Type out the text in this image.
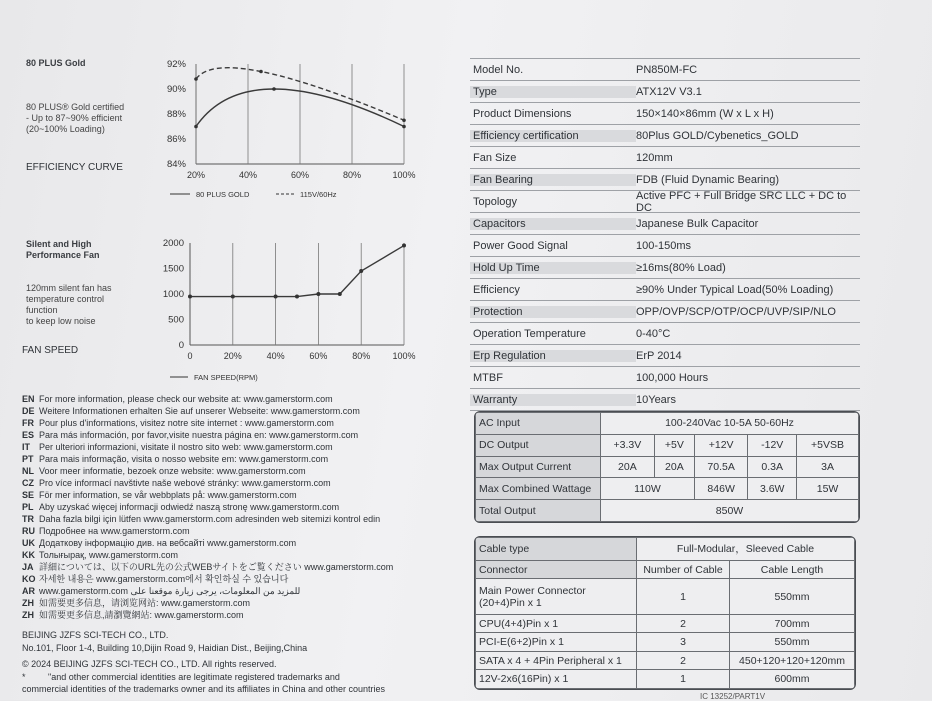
80 PLUS Gold
80 PLUS® Gold certified
- Up to 87~90% efficient
(20~100% Loading)
EFFICIENCY CURVE	84%
86%
88%
90%
92%
20%	40%	60%	80%	100%
80 PLUS GOLD	115V/60Hz
Silent and High
Performance Fan
120mm silent fan has
temperature control
function
to keep low noise
FAN SPEED	0
500
1000
1500
2000
0	20%	40%	60%	80% 100%
FAN SPEED(RPM)
EN For more information, please check our website at: www.gamerstorm.com
DE Weitere Informationen erhalten Sie auf unserer Webseite: www.gamerstorm.com
FR Pour plus d'informations, visitez notre site internet : www.gamerstorm.com
ES Para más información, por favor,visite nuestra página en: www.gamerstorm.com
IT Per ulteriori informazioni, visitate il nostro sito web: www.gamerstorm.com
PT Para mais informação, visita o nosso website em: www.gamerstorm.com
NL Voor meer informatie, bezoek onze website: www.gamerstorm.com
CZ Pro více informací navštivte naše webové stránky: www.gamerstorm.com
SE För mer information, se vår webbplats på: www.gamerstorm.com
PL Aby uzyskać więcej informacji odwiedź naszą stronę www.gamerstorm.com
TR Daha fazla bilgi için lütfen www.gamerstorm.com adresinden web sitemizi kontrol edin
RU Подробнее на www.gamerstorm.com
UK Додаткову інформацію див. на вебсайті www.gamerstorm.com
KK Толығырақ, www.gamerstorm.com
JA 詳細については、以下のURL先の公式WEBサイトをご覧ください www.gamerstorm.com
KO 자세한 내용은 www.gamerstorm.com에서 확인하실 수 있습니다
AR www.gamerstorm.com للمزيد من المعلومات، يرجى زيارة موقعنا على
ZH 如需要更多信息，请浏览网站: www.gamerstorm.com
ZH 如需要更多信息,請瀏覽網站: www.gamerstorm.com
BEIJING JZFS SCI-TECH CO., LTD.
No.101, Floor 1-4, Building 10,Dijin Road 9, Haidian Dist., Beijing,China
© 2024 BEIJING JZFS SCI-TECH CO., LTD. All rights reserved.
* "and other commercial identities are legitimate registered trademarks and
commercial identities of the trademarks owner and its affiliates in China and other countries
Model No.	PN850M-FC
Type	ATX12V V3.1
Product Dimensions	150×140×86mm (W x L x H)
Efficiency certification	80Plus GOLD/Cybenetics_GOLD
Fan Size	120mm
Fan Bearing	FDB (Fluid Dynamic Bearing)
Topology	Active PFC + Full Bridge SRC LLC + DC to DC
Capacitors	Japanese Bulk Capacitor
Power Good Signal	100-150ms
Hold Up Time	≥16ms(80% Load)
Efficiency	≥90% Under Typical Load(50% Loading)
Protection	OPP/OVP/SCP/OTP/OCP/UVP/SIP/NLO
Operation Temperature	0-40°C
Erp Regulation	ErP 2014
MTBF	100,000 Hours
Warranty	10Years
AC Input	100-240Vac 10-5A 50-60Hz				
DC Output	+3.3V	+5V	+12V	-12V	+5VSB
Max Output Current	20A	20A	70.5A	0.3A	3A
Max Combined Wattage	110W		846W	3.6W	15W
Total Output	850W				
Cable type	Full-Modular，Sleeved Cable	
Connector	Number of Cable	Cable Length
Main Power Connector (20+4)Pin x 1	1	550mm
CPU(4+4)Pin x 1	2	700mm
PCI-E(6+2)Pin x 1	3	550mm
SATA x 4 + 4Pin Peripheral x 1	2	450+120+120+120mm
12V-2x6(16Pin) x 1	1	600mm
IC 13252/PART1V
